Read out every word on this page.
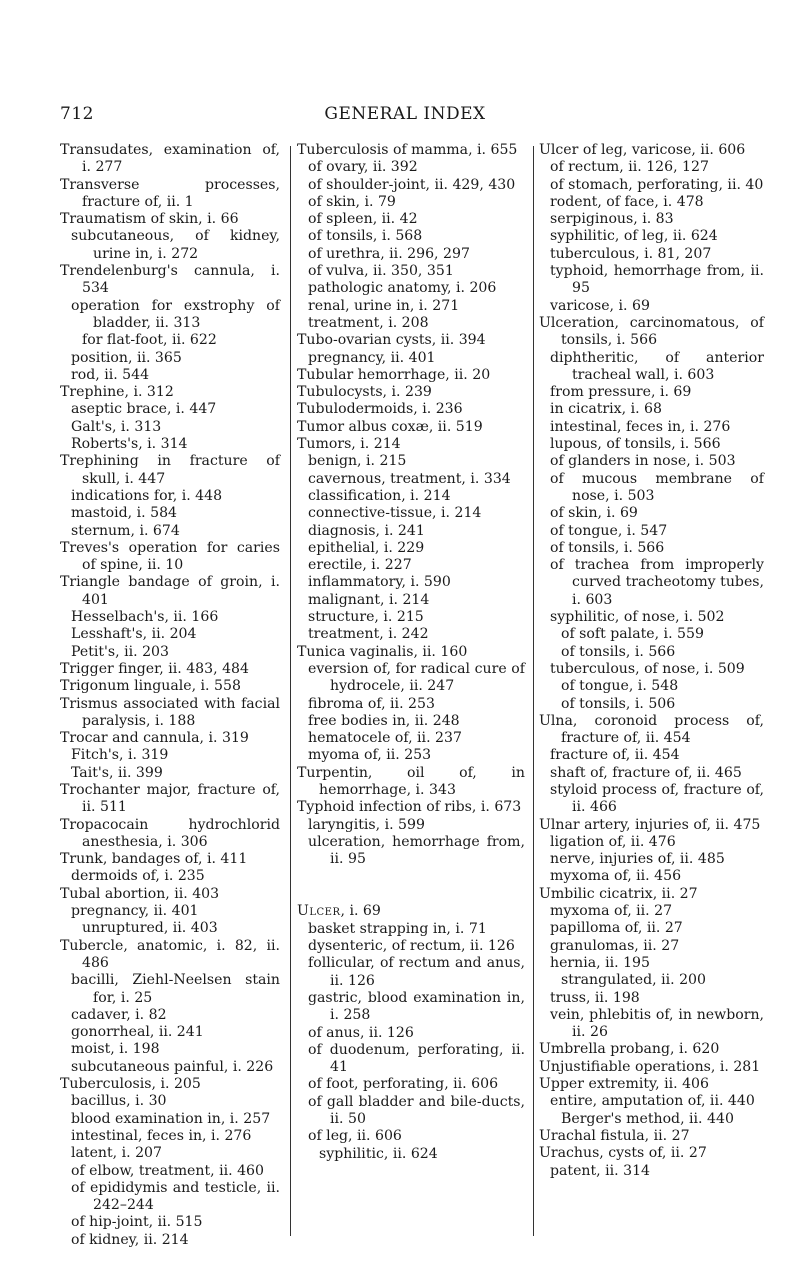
712	GENERAL INDEX
Transudates, examination of, i. 277
Transverse processes, fracture of, ii. 1
Traumatism of skin, i. 66
subcutaneous, of kidney, urine in, i. 272
Trendelenburg's cannula, i. 534
operation for exstrophy of bladder, ii. 313
for flat-foot, ii. 622
position, ii. 365
rod, ii. 544
Trephine, i. 312
aseptic brace, i. 447
Galt's, i. 313
Roberts's, i. 314
Trephining in fracture of skull, i. 447
indications for, i. 448
mastoid, i. 584
sternum, i. 674
Treves's operation for caries of spine, ii. 10
Triangle bandage of groin, i. 401
Hesselbach's, ii. 166
Lesshaft's, ii. 204
Petit's, ii. 203
Trigger finger, ii. 483, 484
Trigonum linguale, i. 558
Trismus associated with facial paralysis, i. 188
Trocar and cannula, i. 319
Fitch's, i. 319
Tait's, ii. 399
Trochanter major, fracture of, ii. 511
Tropacocain hydrochlorid anesthesia, i. 306
Trunk, bandages of, i. 411
dermoids of, i. 235
Tubal abortion, ii. 403
pregnancy, ii. 401
unruptured, ii. 403
Tubercle, anatomic, i. 82, ii. 486
bacilli, Ziehl-Neelsen stain for, i. 25
cadaver, i. 82
gonorrheal, ii. 241
moist, i. 198
subcutaneous painful, i. 226
Tuberculosis, i. 205
bacillus, i. 30
blood examination in, i. 257
intestinal, feces in, i. 276
latent, i. 207
of elbow, treatment, ii. 460
of epididymis and testicle, ii. 242–244
of hip-joint, ii. 515
of kidney, ii. 214
Tuberculosis of mamma, i. 655
of ovary, ii. 392
of shoulder-joint, ii. 429, 430
of skin, i. 79
of spleen, ii. 42
of tonsils, i. 568
of urethra, ii. 296, 297
of vulva, ii. 350, 351
pathologic anatomy, i. 206
renal, urine in, i. 271
treatment, i. 208
Tubo-ovarian cysts, ii. 394
pregnancy, ii. 401
Tubular hemorrhage, ii. 20
Tubulocysts, i. 239
Tubulodermoids, i. 236
Tumor albus coxæ, ii. 519
Tumors, i. 214
benign, i. 215
cavernous, treatment, i. 334
classification, i. 214
connective-tissue, i. 214
diagnosis, i. 241
epithelial, i. 229
erectile, i. 227
inflammatory, i. 590
malignant, i. 214
structure, i. 215
treatment, i. 242
Tunica vaginalis, ii. 160
eversion of, for radical cure of hydrocele, ii. 247
fibroma of, ii. 253
free bodies in, ii. 248
hematocele of, ii. 237
myoma of, ii. 253
Turpentin, oil of, in hemorrhage, i. 343
Typhoid infection of ribs, i. 673
laryngitis, i. 599
ulceration, hemorrhage from, ii. 95
Ulcer, i. 69
basket strapping in, i. 71
dysenteric, of rectum, ii. 126
follicular, of rectum and anus, ii. 126
gastric, blood examination in, i. 258
of anus, ii. 126
of duodenum, perforating, ii. 41
of foot, perforating, ii. 606
of gall bladder and bile-ducts, ii. 50
of leg, ii. 606
syphilitic, ii. 624
Ulcer of leg, varicose, ii. 606
of rectum, ii. 126, 127
of stomach, perforating, ii. 40
rodent, of face, i. 478
serpiginous, i. 83
syphilitic, of leg, ii. 624
tuberculous, i. 81, 207
typhoid, hemorrhage from, ii. 95
varicose, i. 69
Ulceration, carcinomatous, of tonsils, i. 566
diphtheritic, of anterior tracheal wall, i. 603
from pressure, i. 69
in cicatrix, i. 68
intestinal, feces in, i. 276
lupous, of tonsils, i. 566
of glanders in nose, i. 503
of mucous membrane of nose, i. 503
of skin, i. 69
of tongue, i. 547
of tonsils, i. 566
of trachea from improperly curved tracheotomy tubes, i. 603
syphilitic, of nose, i. 502
of soft palate, i. 559
of tonsils, i. 566
tuberculous, of nose, i. 509
of tongue, i. 548
of tonsils, i. 506
Ulna, coronoid process of, fracture of, ii. 454
fracture of, ii. 454
shaft of, fracture of, ii. 465
styloid process of, fracture of, ii. 466
Ulnar artery, injuries of, ii. 475
ligation of, ii. 476
nerve, injuries of, ii. 485
myxoma of, ii. 456
Umbilic cicatrix, ii. 27
myxoma of, ii. 27
papilloma of, ii. 27
granulomas, ii. 27
hernia, ii. 195
strangulated, ii. 200
truss, ii. 198
vein, phlebitis of, in newborn, ii. 26
Umbrella probang, i. 620
Unjustifiable operations, i. 281
Upper extremity, ii. 406
entire, amputation of, ii. 440
Berger's method, ii. 440
Urachal fistula, ii. 27
Urachus, cysts of, ii. 27
patent, ii. 314
